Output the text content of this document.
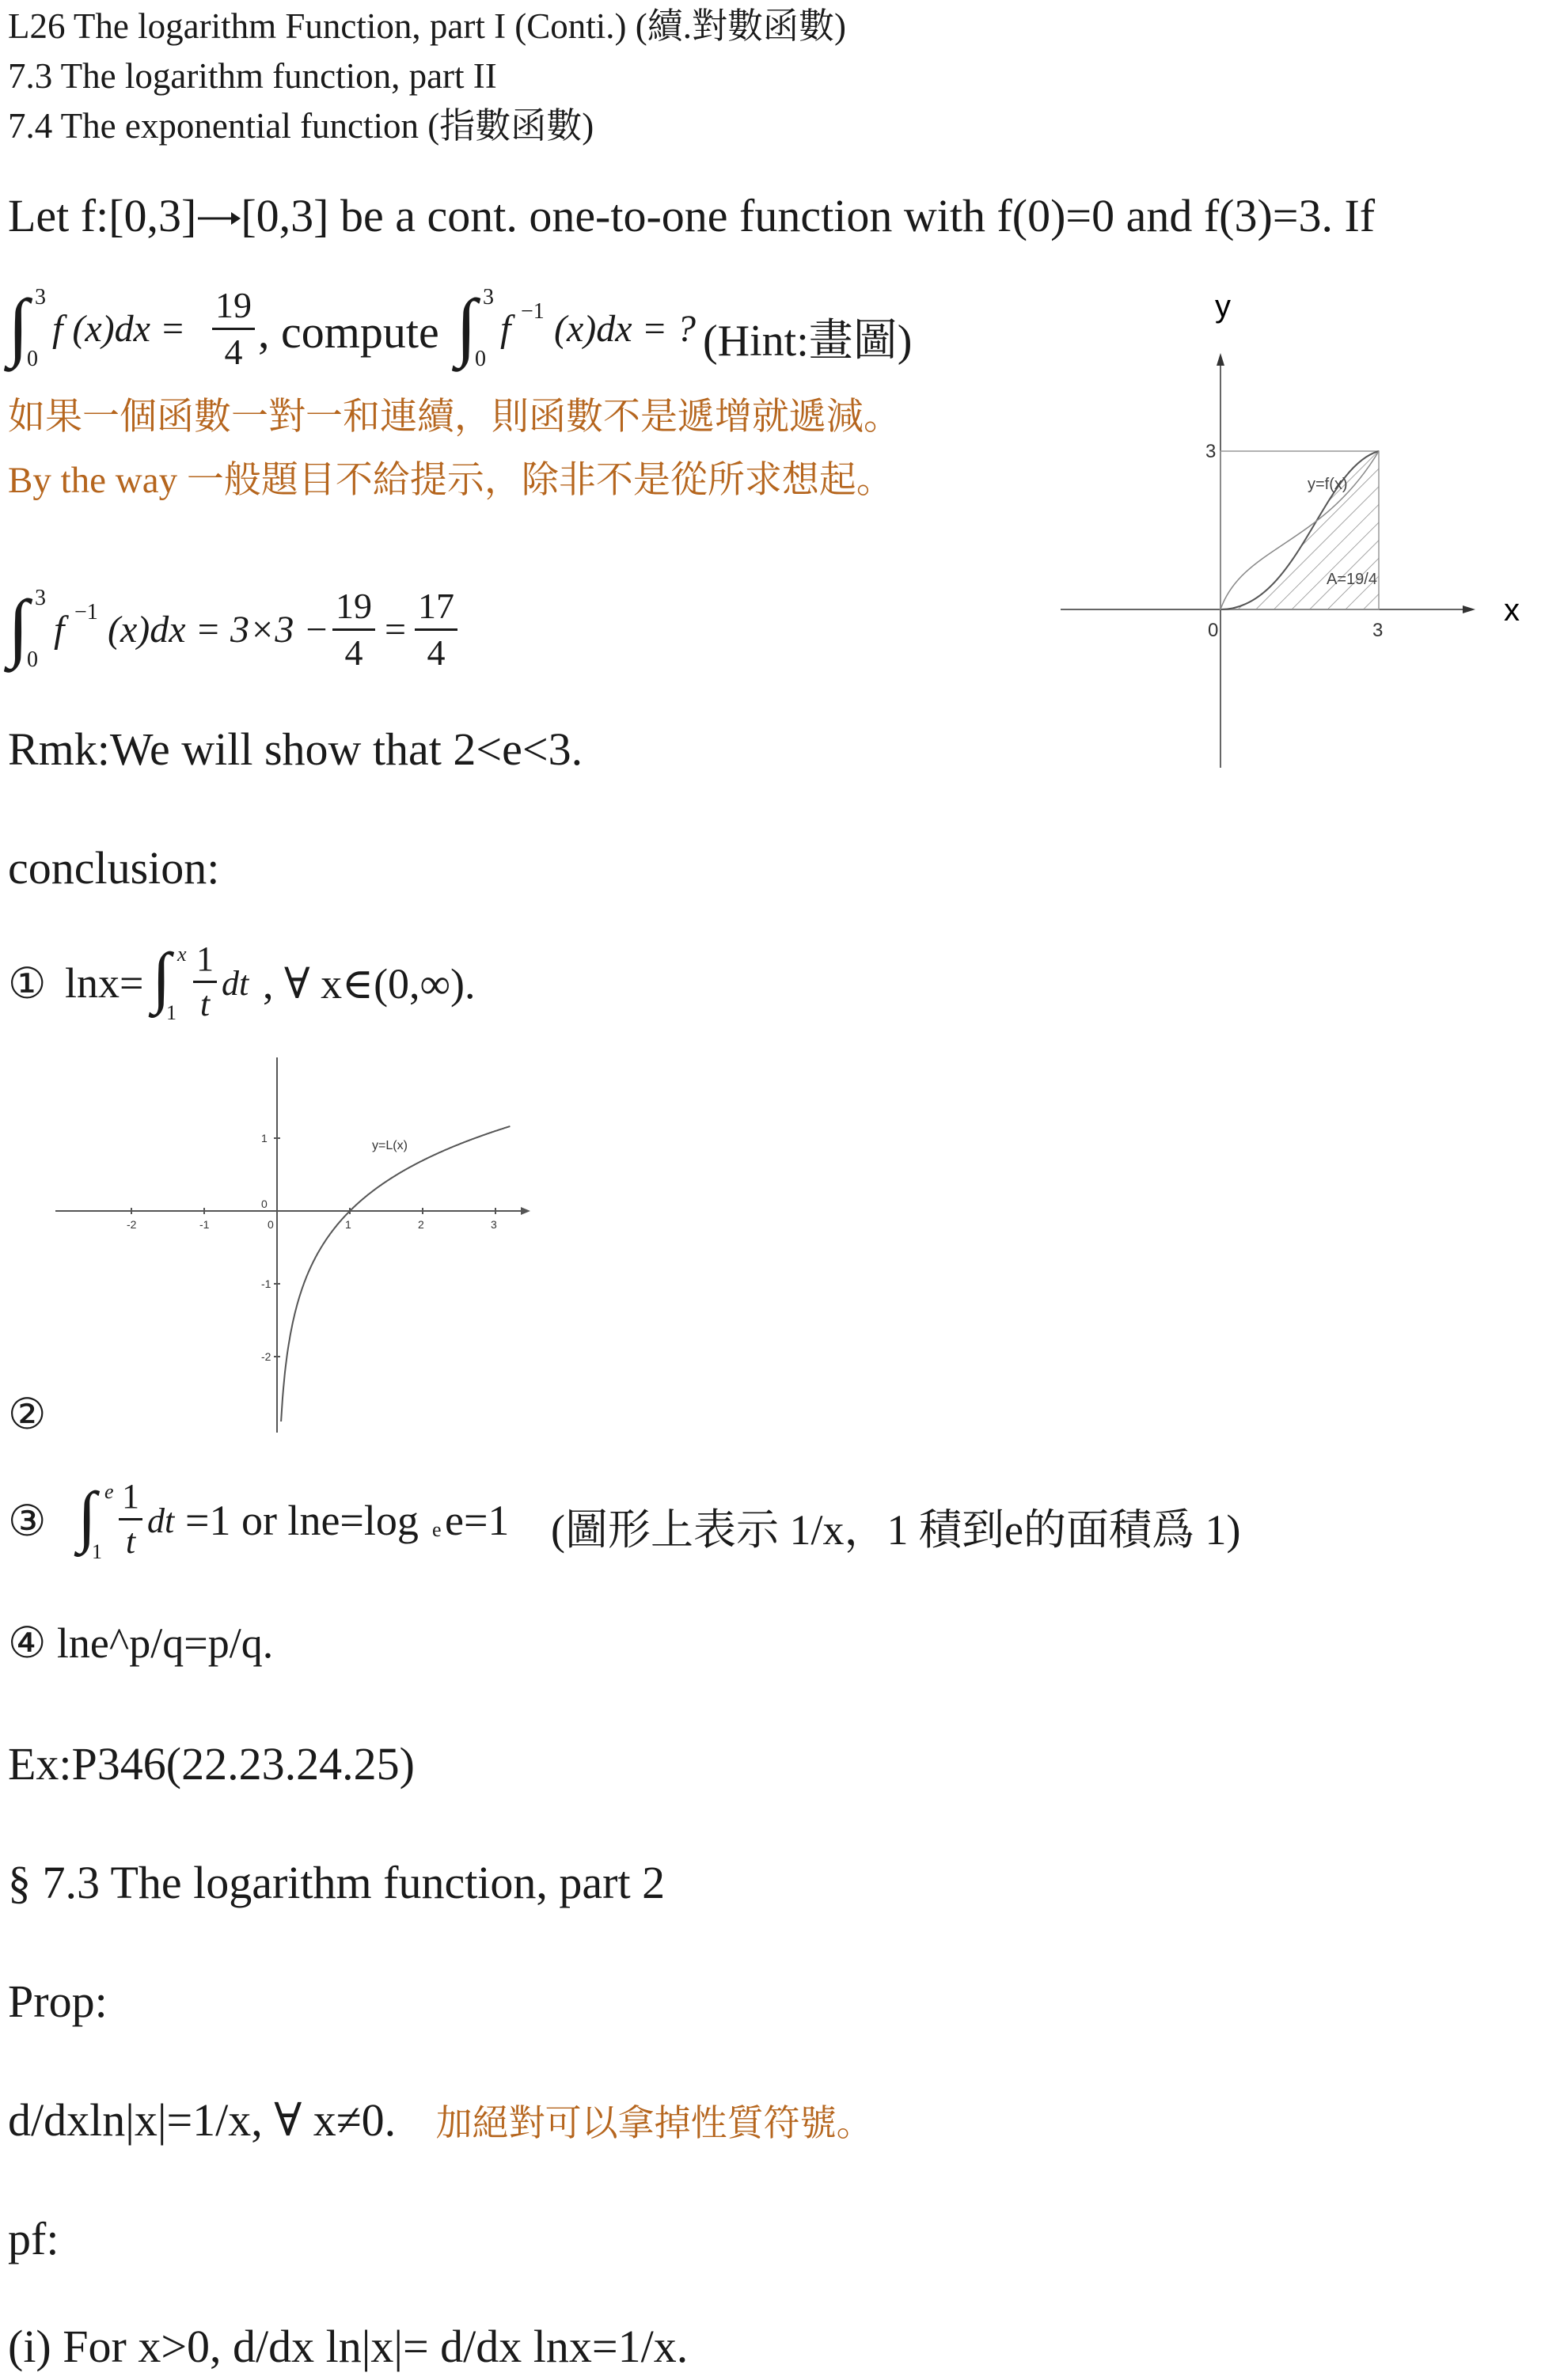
L26 The logarithm Function, part I (Conti.) (續.對數函數)
7.3 The logarithm function, part II
7.4 The exponential function (指數函數)
Let f:[0,3] [0,3] be a cont. one-to-one function with f(0)=0 and f(3)=3. If
∫ 3
0
f $(x)dx = \frac{19}{4}$ , compute ∫ 3
0
f −1 (x)dx = ? (Hint:畫圖)
如果一個函數一對一和連續，則函數不是遞增就遞減。
By the way 一般題目不給提示，除非不是從所求想起。
∫ 3
0
f −1 $(x)dx = 3\times 3 - \frac{19}{4} = \frac{17}{4}$
y
x
3
3
0
y=f(x)
A=19/4
Rmk:We will show that 2<e<3.
conclusion:
① lnx= ∫ x
$1 \frac{1}{t}$ dt , ∀ x∈(0,∞).
-2	-1	0	1	2	3
1
0
-1
-2
y=L(x)
②
③ ∫ e
$1 \frac{1}{t}$ dt =1 or lne=log e e=1 (圖形上表示 1/x，1 積到e的面積爲 1)
④ lne^p/q=p/q.
Ex:P346(22.23.24.25)
§ 7.3 The logarithm function, part 2
Prop:
d/dxln|x|=1/x, ∀ x≠0. 加絕對可以拿掉性質符號。
pf:
(i) For x>0, d/dx ln|x|= d/dx lnx=1/x.
